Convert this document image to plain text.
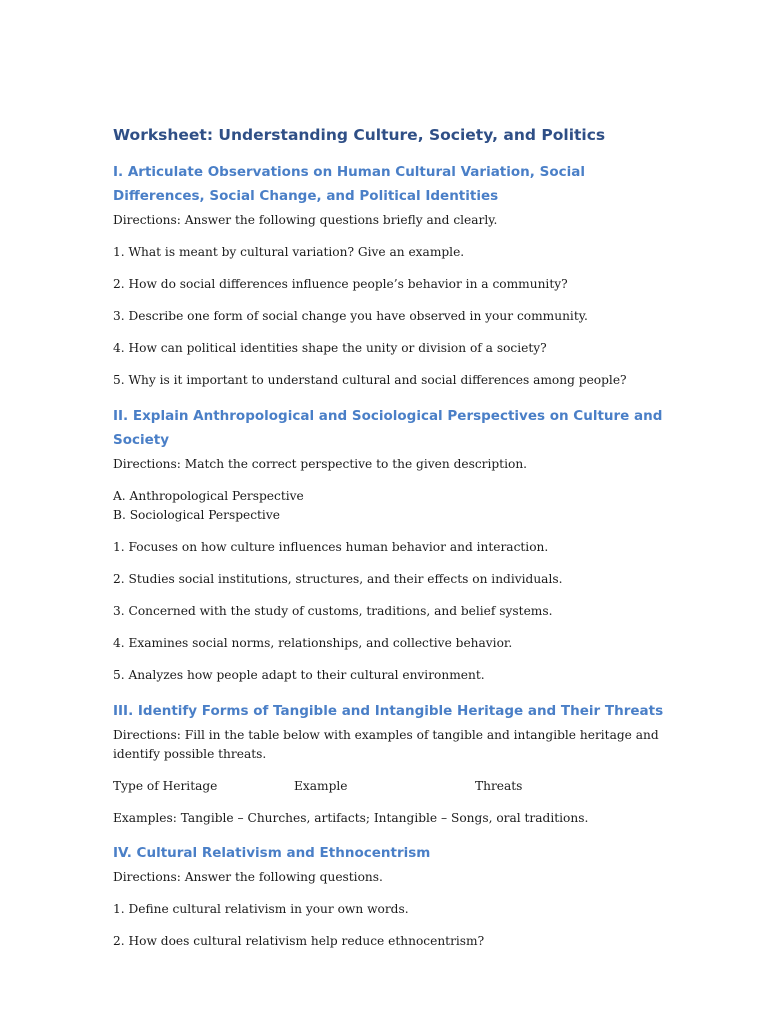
Worksheet: Understanding Culture, Society, and Politics
I. Articulate Observations on Human Cultural Variation, Social Differences, Social Change, and Political Identities

Directions: Answer the following questions briefly and clearly.

1. What is meant by cultural variation? Give an example.

2. How do social differences influence people’s behavior in a community?

3. Describe one form of social change you have observed in your community.

4. How can political identities shape the unity or division of a society?

5. Why is it important to understand cultural and social differences among people?

II. Explain Anthropological and Sociological Perspectives on Culture and Society

Directions: Match the correct perspective to the given description.

A. Anthropological Perspective

B. Sociological Perspective

1. Focuses on how culture influences human behavior and interaction.

2. Studies social institutions, structures, and their effects on individuals.

3. Concerned with the study of customs, traditions, and belief systems.

4. Examines social norms, relationships, and collective behavior.

5. Analyzes how people adapt to their cultural environment.

III. Identify Forms of Tangible and Intangible Heritage and Their Threats

Directions: Fill in the table below with examples of tangible and intangible heritage and identify possible threats.

Type of Heritage	Example	Threats

Examples: Tangible – Churches, artifacts; Intangible – Songs, oral traditions.

IV. Cultural Relativism and Ethnocentrism

Directions: Answer the following questions.

1. Define cultural relativism in your own words.

2. How does cultural relativism help reduce ethnocentrism?
